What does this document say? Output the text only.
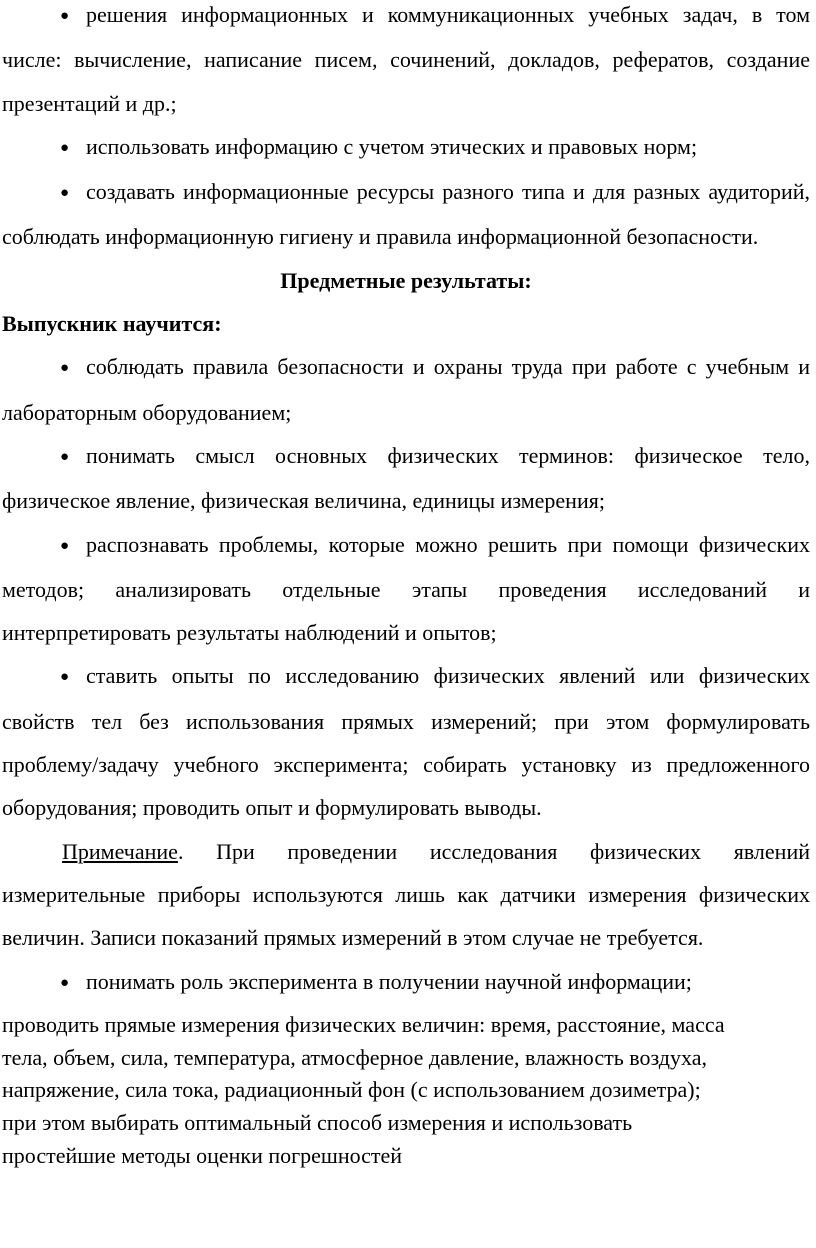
● решения информационных и коммуникационных учебных задач, в том числе: вычисление, написание писем, сочинений, докладов, рефератов, создание презентаций и др.;

● использовать информацию с учетом этических и правовых норм;

● создавать информационные ресурсы разного типа и для разных аудиторий, соблюдать информационную гигиену и правила информационной безопасности.

Предметные результаты:

Выпускник научится:

● соблюдать правила безопасности и охраны труда при работе с учебным и лабораторным оборудованием;

● понимать смысл основных физических терминов: физическое тело, физическое явление, физическая величина, единицы измерения;

● распознавать проблемы, которые можно решить при помощи физических методов; анализировать отдельные этапы проведения исследований и интерпретировать результаты наблюдений и опытов;

● ставить опыты по исследованию физических явлений или физических свойств тел без использования прямых измерений; при этом формулировать проблему/задачу учебного эксперимента; собирать установку из предложенного оборудования; проводить опыт и формулировать выводы.

Примечание. При проведении исследования физических явлений измерительные приборы используются лишь как датчики измерения физических величин. Записи показаний прямых измерений в этом случае не требуется.

● понимать роль эксперимента в получении научной информации;

проводить прямые измерения физических величин: время, расстояние, масса
тела, объем, сила, температура, атмосферное давление, влажность воздуха,
напряжение, сила тока, радиационный фон (с использованием дозиметра);
при этом выбирать оптимальный способ измерения и использовать
простейшие методы оценки погрешностей
